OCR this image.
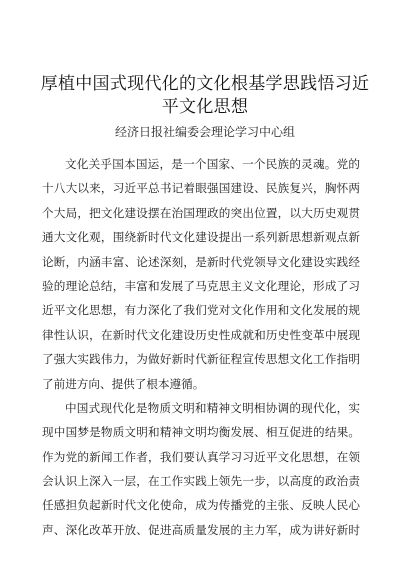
厚植中国式现代化的文化根基学思践悟习近平文化思想

经济日报社编委会理论学习中心组

文化关乎国本国运，是一个国家、一个民族的灵魂。党的
十八大以来，习近平总书记着眼强国建设、民族复兴，胸怀两
个大局，把文化建设摆在治国理政的突出位置，以大历史观贯
通大文化观，围绕新时代文化建设提出一系列新思想新观点新
论断，内涵丰富、论述深刻，是新时代党领导文化建设实践经
验的理论总结，丰富和发展了马克思主义文化理论，形成了习
近平文化思想，有力深化了我们党对文化作用和文化发展的规
律性认识，在新时代文化建设历史性成就和历史性变革中展现
了强大实践伟力，为做好新时代新征程宣传思想文化工作指明
了前进方向、提供了根本遵循。
中国式现代化是物质文明和精神文明相协调的现代化，实
现中国梦是物质文明和精神文明均衡发展、相互促进的结果。
作为党的新闻工作者，我们要认真学习习近平文化思想，在领
会认识上深入一层，在工作实践上领先一步，以高度的政治责
任感担负起新时代文化使命，成为传播党的主张、反映人民心
声、深化改革开放、促进高质量发展的主力军，成为讲好新时
